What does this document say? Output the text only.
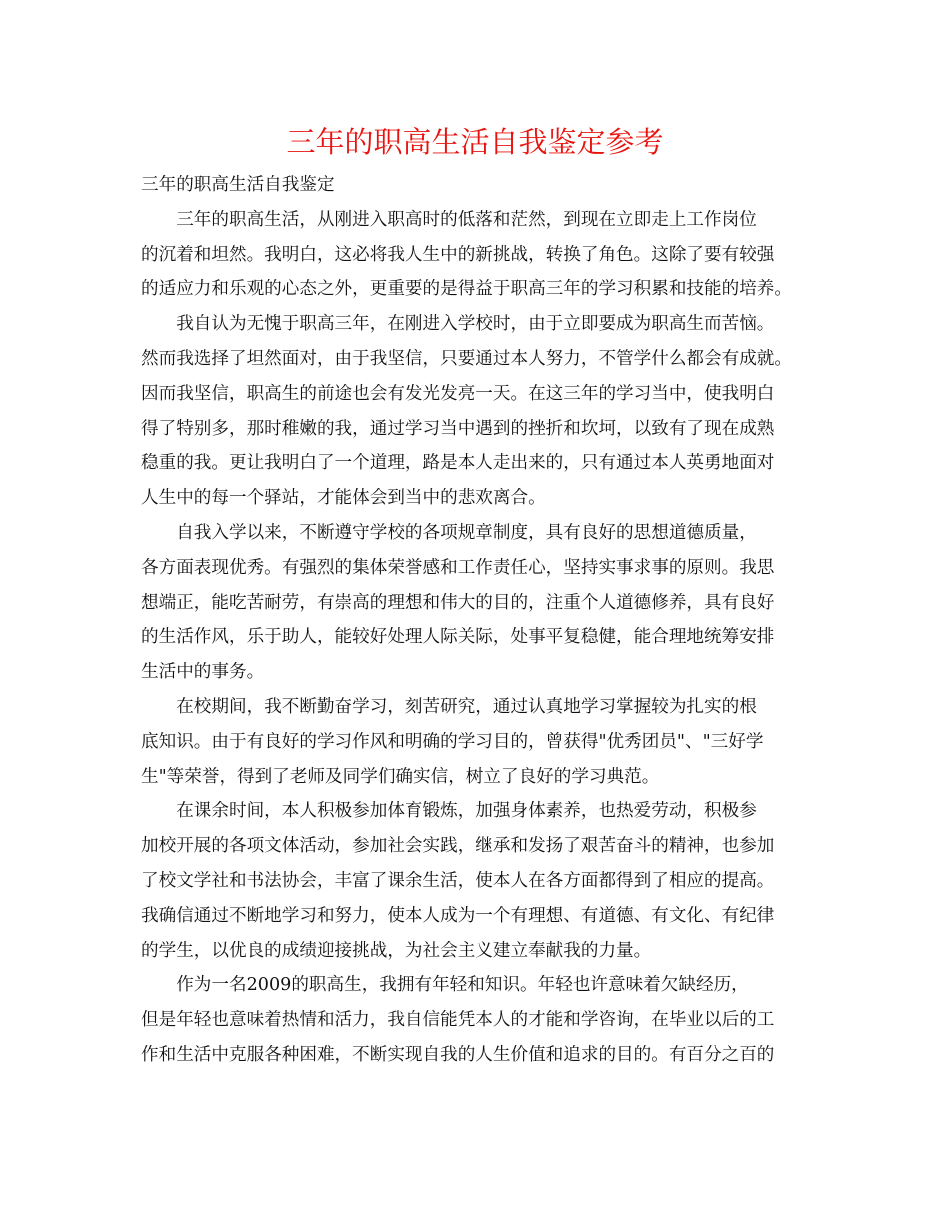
三年的职高生活自我鉴定参考

三年的职高生活自我鉴定

三年的职高生活，从刚进入职高时的低落和茫然，到现在立即走上工作岗位
的沉着和坦然。我明白，这必将我人生中的新挑战，转换了角色。这除了要有较强
的适应力和乐观的心态之外，更重要的是得益于职高三年的学习积累和技能的培养。

我自认为无愧于职高三年，在刚进入学校时，由于立即要成为职高生而苦恼。
然而我选择了坦然面对，由于我坚信，只要通过本人努力，不管学什么都会有成就。
因而我坚信，职高生的前途也会有发光发亮一天。在这三年的学习当中，使我明白
得了特别多，那时稚嫩的我，通过学习当中遇到的挫折和坎坷，以致有了现在成熟
稳重的我。更让我明白了一个道理，路是本人走出来的，只有通过本人英勇地面对
人生中的每一个驿站，才能体会到当中的悲欢离合。

自我入学以来，不断遵守学校的各项规章制度，具有良好的思想道德质量，
各方面表现优秀。有强烈的集体荣誉感和工作责任心，坚持实事求事的原则。我思
想端正，能吃苦耐劳，有崇高的理想和伟大的目的，注重个人道德修养，具有良好
的生活作风，乐于助人，能较好处理人际关际，处事平复稳健，能合理地统筹安排
生活中的事务。

在校期间，我不断勤奋学习，刻苦研究，通过认真地学习掌握较为扎实的根
底知识。由于有良好的学习作风和明确的学习目的，曾获得"优秀团员"、"三好学
生"等荣誉，得到了老师及同学们确实信，树立了良好的学习典范。

在课余时间，本人积极参加体育锻炼，加强身体素养，也热爱劳动，积极参
加校开展的各项文体活动，参加社会实践，继承和发扬了艰苦奋斗的精神，也参加
了校文学社和书法协会，丰富了课余生活，使本人在各方面都得到了相应的提高。
我确信通过不断地学习和努力，使本人成为一个有理想、有道德、有文化、有纪律
的学生，以优良的成绩迎接挑战，为社会主义建立奉献我的力量。

作为一名2009的职高生，我拥有年轻和知识。年轻也许意味着欠缺经历，
但是年轻也意味着热情和活力，我自信能凭本人的才能和学咨询，在毕业以后的工
作和生活中克服各种困难，不断实现自我的人生价值和追求的目的。有百分之百的
